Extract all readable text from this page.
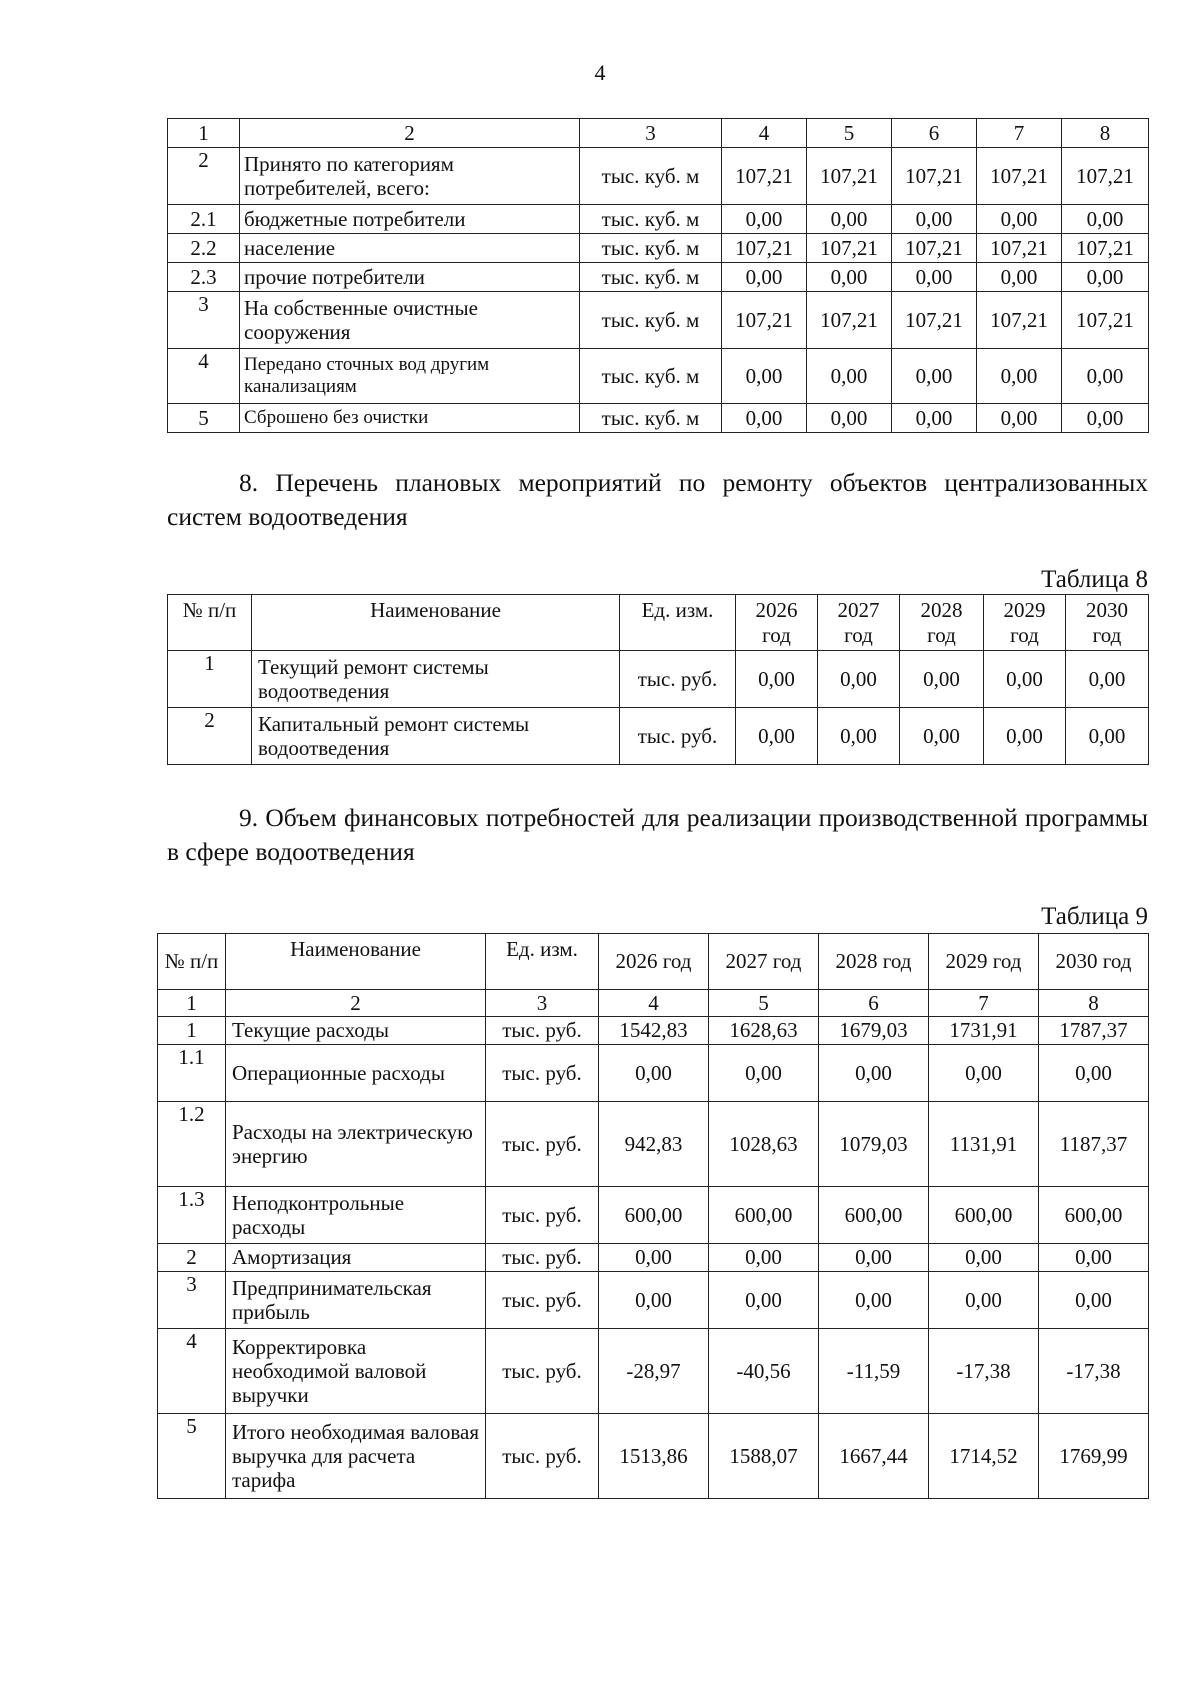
4
1	2	3	4	5	6	7	8
2	Принято по категориям потребителей, всего:	тыс. куб. м	107,21	107,21	107,21	107,21	107,21
2.1	бюджетные потребители	тыс. куб. м	0,00	0,00	0,00	0,00	0,00
2.2	население	тыс. куб. м	107,21	107,21	107,21	107,21	107,21
2.3	прочие потребители	тыс. куб. м	0,00	0,00	0,00	0,00	0,00
3	На собственные очистные сооружения	тыс. куб. м	107,21	107,21	107,21	107,21	107,21
4	Передано сточных вод другим канализациям	тыс. куб. м	0,00	0,00	0,00	0,00	0,00
5	Сброшено без очистки	тыс. куб. м	0,00	0,00	0,00	0,00	0,00
8. Перечень плановых мероприятий по ремонту объектов централизованных систем водоотведения
Таблица 8
№ п/п	Наименование	Ед. изм.	2026 год	2027 год	2028 год	2029 год	2030 год
1	Текущий ремонт системы водоотведения	тыс. руб.	0,00	0,00	0,00	0,00	0,00
2	Капитальный ремонт системы водоотведения	тыс. руб.	0,00	0,00	0,00	0,00	0,00
9. Объем финансовых потребностей для реализации производственной программы в сфере водоотведения
Таблица 9
№ п/п	Наименование	Ед. изм.	2026 год	2027 год	2028 год	2029 год	2030 год
1	2	3	4	5	6	7	8
1	Текущие расходы	тыс. руб.	1542,83	1628,63	1679,03	1731,91	1787,37
1.1	Операционные расходы	тыс. руб.	0,00	0,00	0,00	0,00	0,00
1.2	Расходы на электрическую энергию	тыс. руб.	942,83	1028,63	1079,03	1131,91	1187,37
1.3	Неподконтрольные расходы	тыс. руб.	600,00	600,00	600,00	600,00	600,00
2	Амортизация	тыс. руб.	0,00	0,00	0,00	0,00	0,00
3	Предпринимательская прибыль	тыс. руб.	0,00	0,00	0,00	0,00	0,00
4	Корректировка необходимой валовой выручки	тыс. руб.	-28,97	-40,56	-11,59	-17,38	-17,38
5	Итого необходимая валовая выручка для расчета тарифа	тыс. руб.	1513,86	1588,07	1667,44	1714,52	1769,99
